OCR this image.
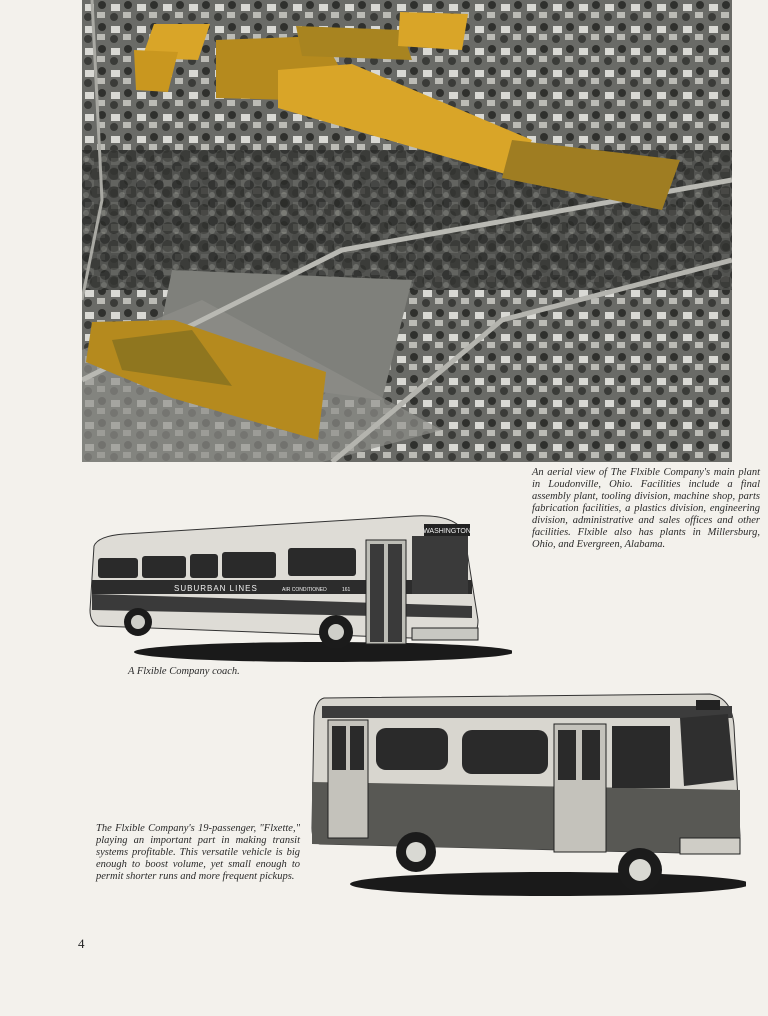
An aerial view of The Flxible Company's main plant in Loudonville, Ohio. Facilities include a final assembly plant, tooling division, machine shop, parts fabrication facilities, a plastics division, engineering division, administrative and sales offices and other facilities. Flxible also has plants in Millersburg, Ohio, and Evergreen, Alabama.

WASHINGTON
SUBURBAN LINES	AIR CONDITIONED	161

A Flxible Company coach.

The Flxible Company's 19-passenger, "Flxette," playing an important part in making transit systems profitable. This versatile vehicle is big enough to boost volume, yet small enough to permit shorter runs and more frequent pickups.

4
